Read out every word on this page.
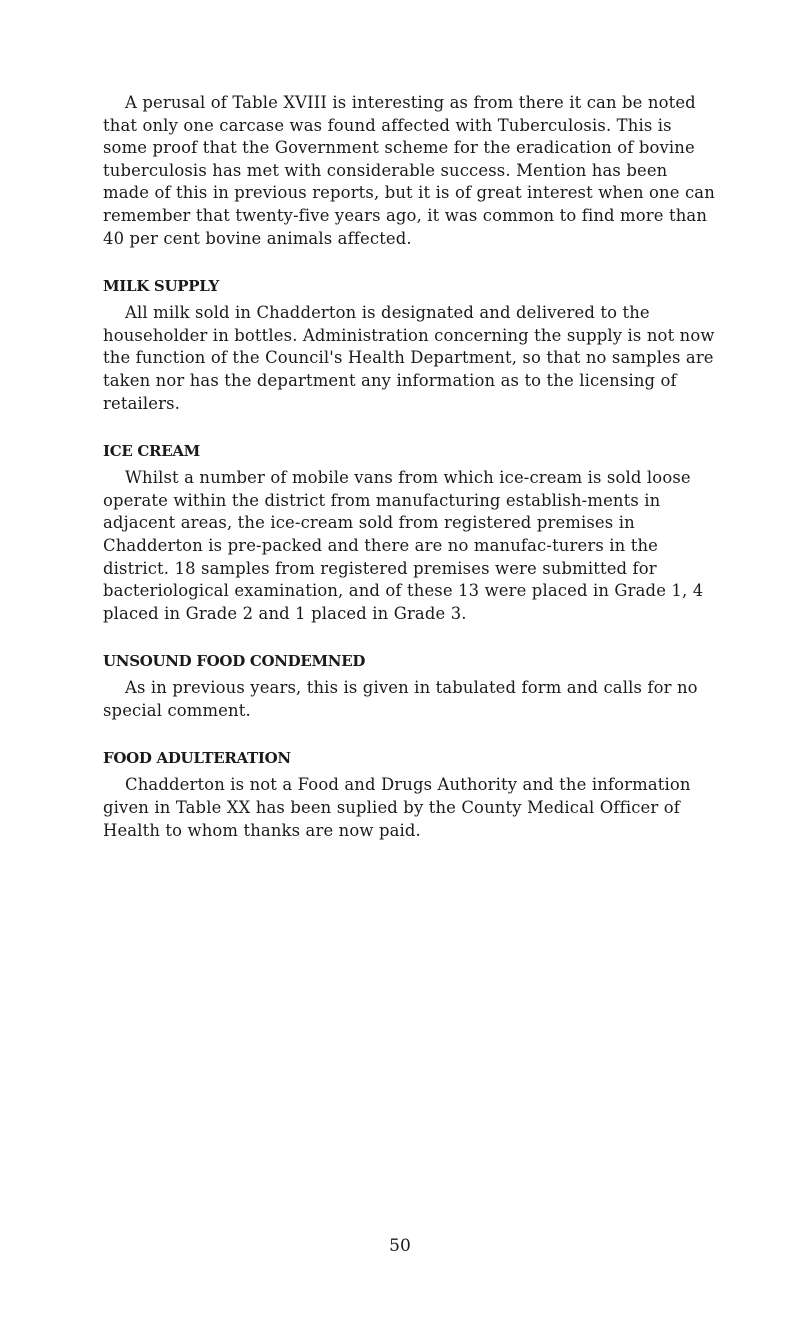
A perusal of Table XVIII is interesting as from there it can be noted that only one carcase was found affected with Tuberculosis. This is some proof that the Government scheme for the eradication of bovine tuberculosis has met with considerable success. Mention has been made of this in previous reports, but it is of great interest when one can remember that twenty-five years ago, it was common to find more than 40 per cent bovine animals affected.

MILK SUPPLY

All milk sold in Chadderton is designated and delivered to the householder in bottles. Administration concerning the supply is not now the function of the Council's Health Department, so that no samples are taken nor has the department any information as to the licensing of retailers.

ICE CREAM

Whilst a number of mobile vans from which ice-cream is sold loose operate within the district from manufacturing establish-ments in adjacent areas, the ice-cream sold from registered premises in Chadderton is pre-packed and there are no manufac-turers in the district. 18 samples from registered premises were submitted for bacteriological examination, and of these 13 were placed in Grade 1, 4 placed in Grade 2 and 1 placed in Grade 3.

UNSOUND FOOD CONDEMNED

As in previous years, this is given in tabulated form and calls for no special comment.

FOOD ADULTERATION

Chadderton is not a Food and Drugs Authority and the information given in Table XX has been suplied by the County Medical Officer of Health to whom thanks are now paid.

50
